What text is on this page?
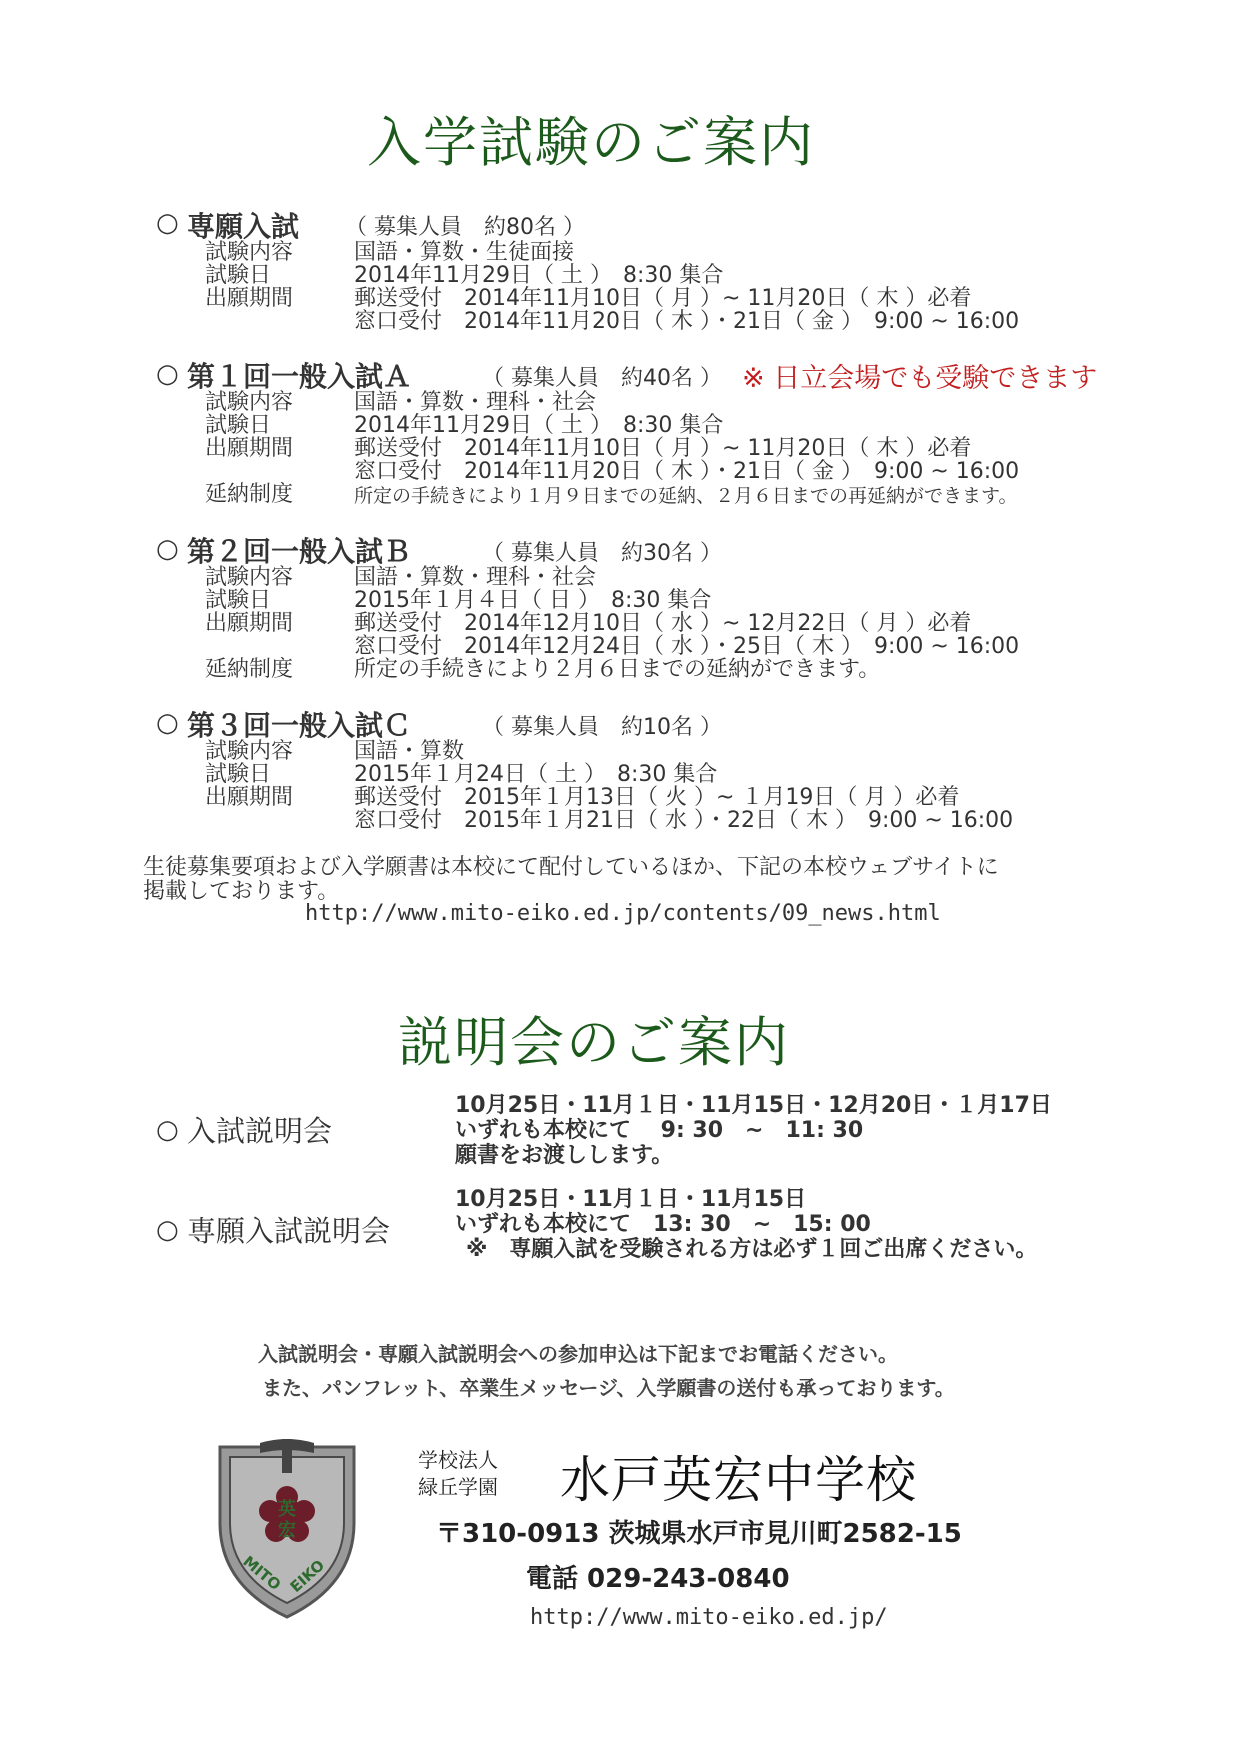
入学試験のご案内
○ 専願入試 （ 募集人員　約80名 ）
試験内容	国語・算数・生徒面接
試験日	2014年11月29日（ 土 ）　8:30 集合
出願期間	郵送受付　2014年11月10日（ 月 ）~ 11月20日（ 木 ）必着
窓口受付　2014年11月20日（ 木 ）・21日（ 金 ）　9:00 ~ 16:00
○ 第１回一般入試Ａ	（ 募集人員　約40名 ） ※ 日立会場でも受験できます
試験内容	国語・算数・理科・社会
試験日	2014年11月29日（ 土 ）　8:30 集合
出願期間	郵送受付　2014年11月10日（ 月 ）~ 11月20日（ 木 ）必着
窓口受付　2014年11月20日（ 木 ）・21日（ 金 ）　9:00 ~ 16:00
延納制度	所定の手続きにより１月９日までの延納、２月６日までの再延納ができます。
○ 第２回一般入試Ｂ	（ 募集人員　約30名 ）
試験内容	国語・算数・理科・社会
試験日	2015年１月４日（ 日 ）　8:30 集合
出願期間	郵送受付　2014年12月10日（ 水 ）~ 12月22日（ 月 ）必着
窓口受付　2014年12月24日（ 水 ）・25日（ 木 ）　9:00 ~ 16:00
延納制度	所定の手続きにより２月６日までの延納ができます。
○ 第３回一般入試Ｃ	（ 募集人員　約10名 ）
試験内容	国語・算数
試験日	2015年１月24日（ 土 ）　8:30 集合
出願期間	郵送受付　2015年１月13日（ 火 ）~ １月19日（ 月 ）必着
窓口受付　2015年１月21日（ 水 ）・22日（ 木 ）　9:00 ~ 16:00
生徒募集要項および入学願書は本校にて配付しているほか、下記の本校ウェブサイトに
掲載しております。
http://www.mito-eiko.ed.jp/contents/09_news.html
説明会のご案内
○ 入試説明会
10月25日・11月１日・11月15日・12月20日・１月17日
いずれも本校にて　 9: 30　~　11: 30
願書をお渡しします。
○ 専願入試説明会
10月25日・11月１日・11月15日
いずれも本校にて　13: 30　~　15: 00
※　専願入試を受験される方は必ず１回ご出席ください。
入試説明会・専願入試説明会への参加申込は下記までお電話ください。
また、パンフレット、卒業生メッセージ、入学願書の送付も承っております。
英
宏
MITO EIKO
学校法人
緑丘学園 水戸英宏中学校
〒310-0913 茨城県水戸市見川町2582-15
電話 029-243-0840
http://www.mito-eiko.ed.jp/
